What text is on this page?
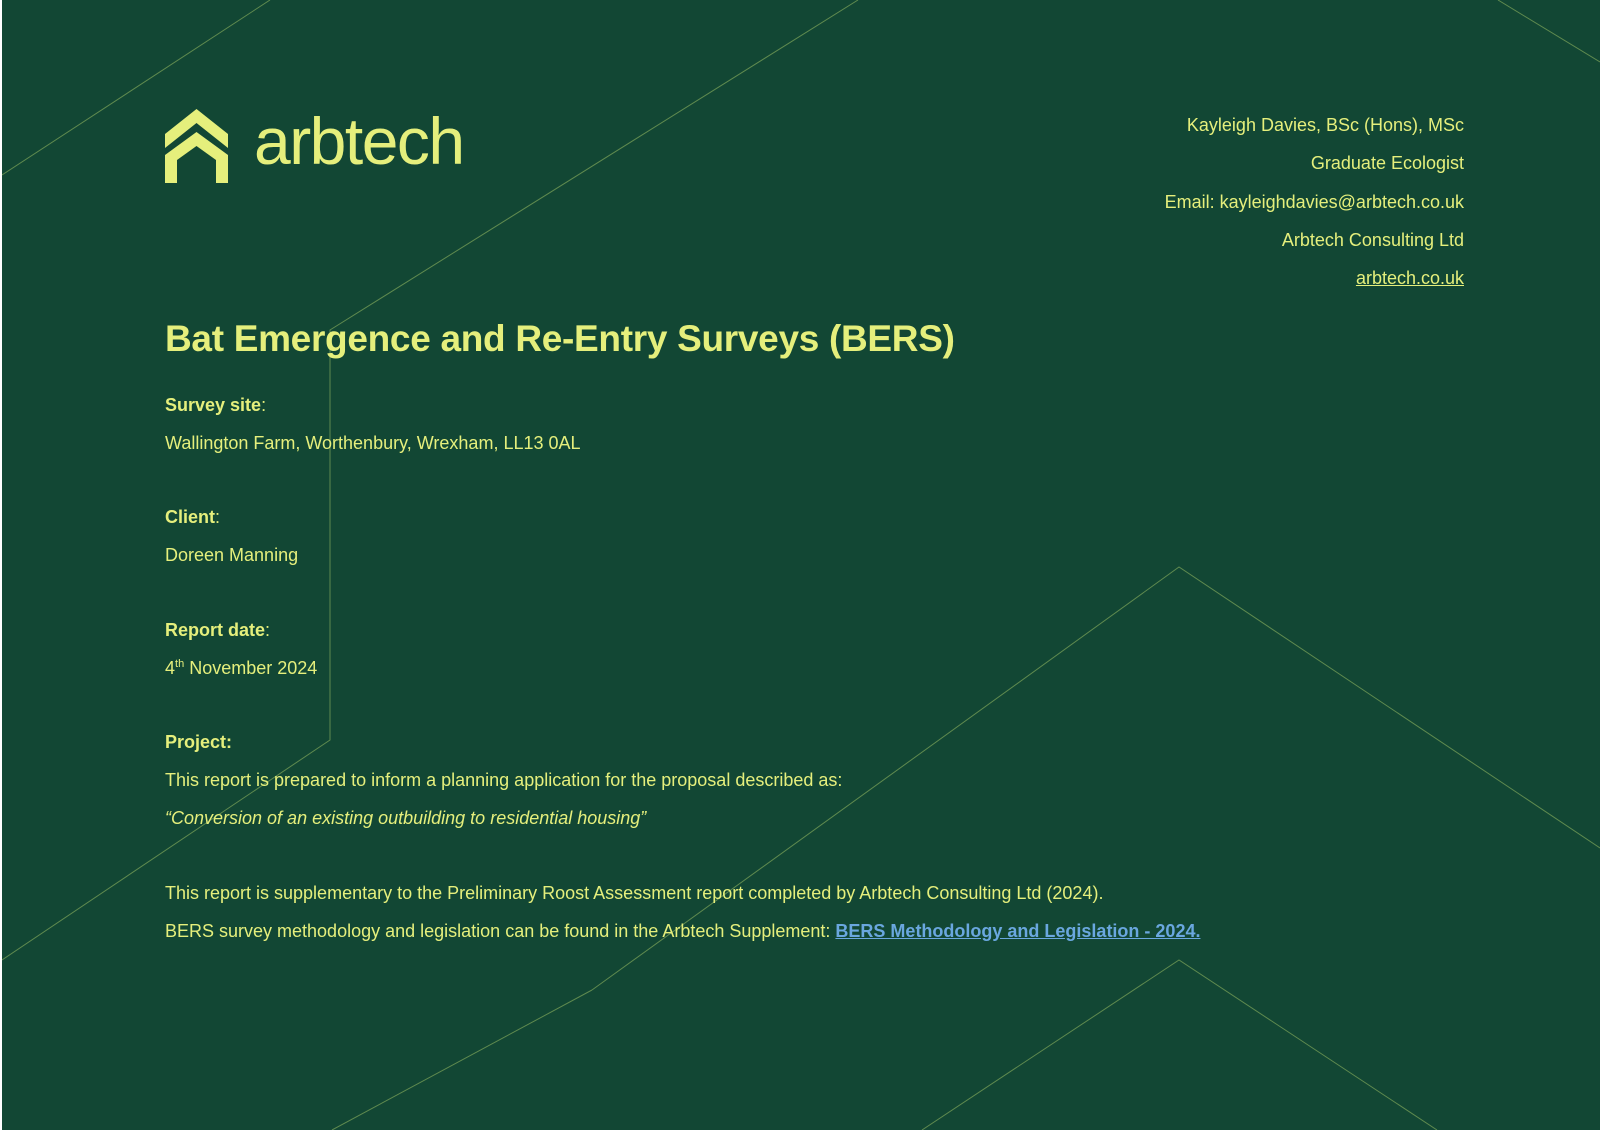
arbtech	Kayleigh Davies, BSc (Hons), MSc
Graduate Ecologist
Email: kayleighdavies@arbtech.co.uk
Arbtech Consulting Ltd
arbtech.co.uk
Bat Emergence and Re-Entry Surveys (BERS)
Survey site:
Wallington Farm, Worthenbury, Wrexham, LL13 0AL
Client:
Doreen Manning
Report date:
4th November 2024
Project:
This report is prepared to inform a planning application for the proposal described as:
“Conversion of an existing outbuilding to residential housing”
This report is supplementary to the Preliminary Roost Assessment report completed by Arbtech Consulting Ltd (2024).
BERS survey methodology and legislation can be found in the Arbtech Supplement: BERS Methodology and Legislation - 2024.
